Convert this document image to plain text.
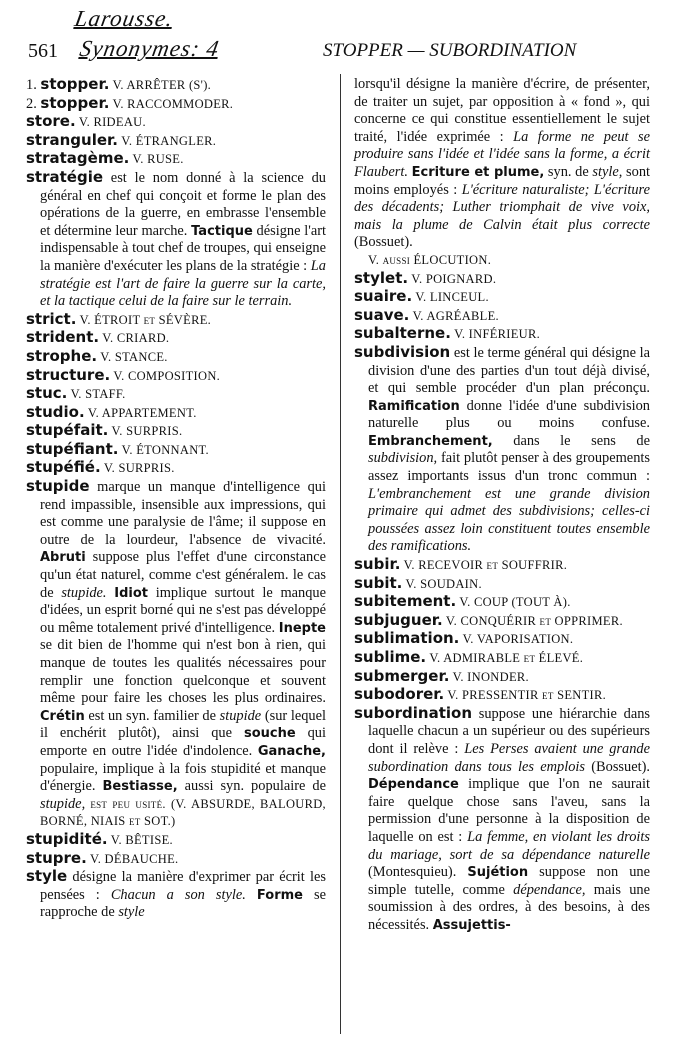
561
Larousse.
Synonymes: 4	STOPPER — SUBORDINATION

1. stopper. V. ARRÊTER (S').

2. stopper. V. RACCOMMODER.

store. V. RIDEAU.

stranguler. V. ÉTRANGLER.

stratagème. V. RUSE.

stratégie est le nom donné à la science du général en chef qui conçoit et forme le plan des opérations de la guerre, en embrasse l'ensemble et détermine leur marche. Tactique désigne l'art indispensable à tout chef de troupes, qui enseigne la manière d'exécuter les plans de la stratégie : La stratégie est l'art de faire la guerre sur la carte, et la tactique celui de la faire sur le terrain.

strict. V. ÉTROIT et SÉVÈRE.

strident. V. CRIARD.

strophe. V. STANCE.

structure. V. COMPOSITION.

stuc. V. STAFF.

studio. V. APPARTEMENT.

stupéfait. V. SURPRIS.

stupéfiant. V. ÉTONNANT.

stupéfié. V. SURPRIS.

stupide marque un manque d'intelligence qui rend impassible, insensible aux impressions, qui est comme une paralysie de l'âme; il suppose en outre de la lourdeur, l'absence de vivacité. Abruti suppose plus l'effet d'une circonstance qu'un état naturel, comme c'est généralem. le cas de stupide. Idiot implique surtout le manque d'idées, un esprit borné qui ne s'est pas développé ou même totalement privé d'intelligence. Inepte se dit bien de l'homme qui n'est bon à rien, qui manque de toutes les qualités nécessaires pour remplir une fonction quelconque et souvent même pour faire les choses les plus ordinaires. Crétin est un syn. familier de stupide (sur lequel il enchérit plutôt), ainsi que souche qui emporte en outre l'idée d'indolence. Ganache, populaire, implique à la fois stupidité et manque d'énergie. Bestiasse, aussi syn. populaire de stupide, est peu usité. (V. ABSURDE, BALOURD, BORNÉ, NIAIS et SOT.)

stupidité. V. BÊTISE.

stupre. V. DÉBAUCHE.

style désigne la manière d'exprimer par écrit les pensées : Chacun a son style. Forme se rapproche de style

lorsqu'il désigne la manière d'écrire, de présenter, de traiter un sujet, par opposition à « fond », qui concerne ce qui constitue essentiellement le sujet traité, l'idée exprimée : La forme ne peut se produire sans l'idée et l'idée sans la forme, a écrit Flaubert. Ecriture et plume, syn. de style, sont moins employés : L'écriture naturaliste; L'écriture des décadents; Luther triomphait de vive voix, mais la plume de Calvin était plus correcte (Bossuet).

V. aussi ÉLOCUTION.

stylet. V. POIGNARD.

suaire. V. LINCEUL.

suave. V. AGRÉABLE.

subalterne. V. INFÉRIEUR.

subdivision est le terme général qui désigne la division d'une des parties d'un tout déjà divisé, et qui semble procéder d'un plan préconçu. Ramification donne l'idée d'une subdivision naturelle plus ou moins confuse. Embranchement, dans le sens de subdivision, fait plutôt penser à des groupements assez importants issus d'un tronc commun : L'embranchement est une grande division primaire qui admet des subdivisions; celles-ci poussées assez loin constituent toutes ensemble des ramifications.

subir. V. RECEVOIR et SOUFFRIR.

subit. V. SOUDAIN.

subitement. V. COUP (TOUT À).

subjuguer. V. CONQUÉRIR et OPPRIMER.

sublimation. V. VAPORISATION.

sublime. V. ADMIRABLE et ÉLEVÉ.

submerger. V. INONDER.

subodorer. V. PRESSENTIR et SENTIR.

subordination suppose une hiérarchie dans laquelle chacun a un supérieur ou des supérieurs dont il relève : Les Perses avaient une grande subordination dans tous les emplois (Bossuet). Dépendance implique que l'on ne saurait faire quelque chose sans l'aveu, sans la permission d'une personne à la disposition de laquelle on est : La femme, en violant les droits du mariage, sort de sa dépendance naturelle (Montesquieu). Sujétion suppose non une simple tutelle, comme dépendance, mais une soumission à des ordres, à des besoins, à des nécessités. Assujettis-
